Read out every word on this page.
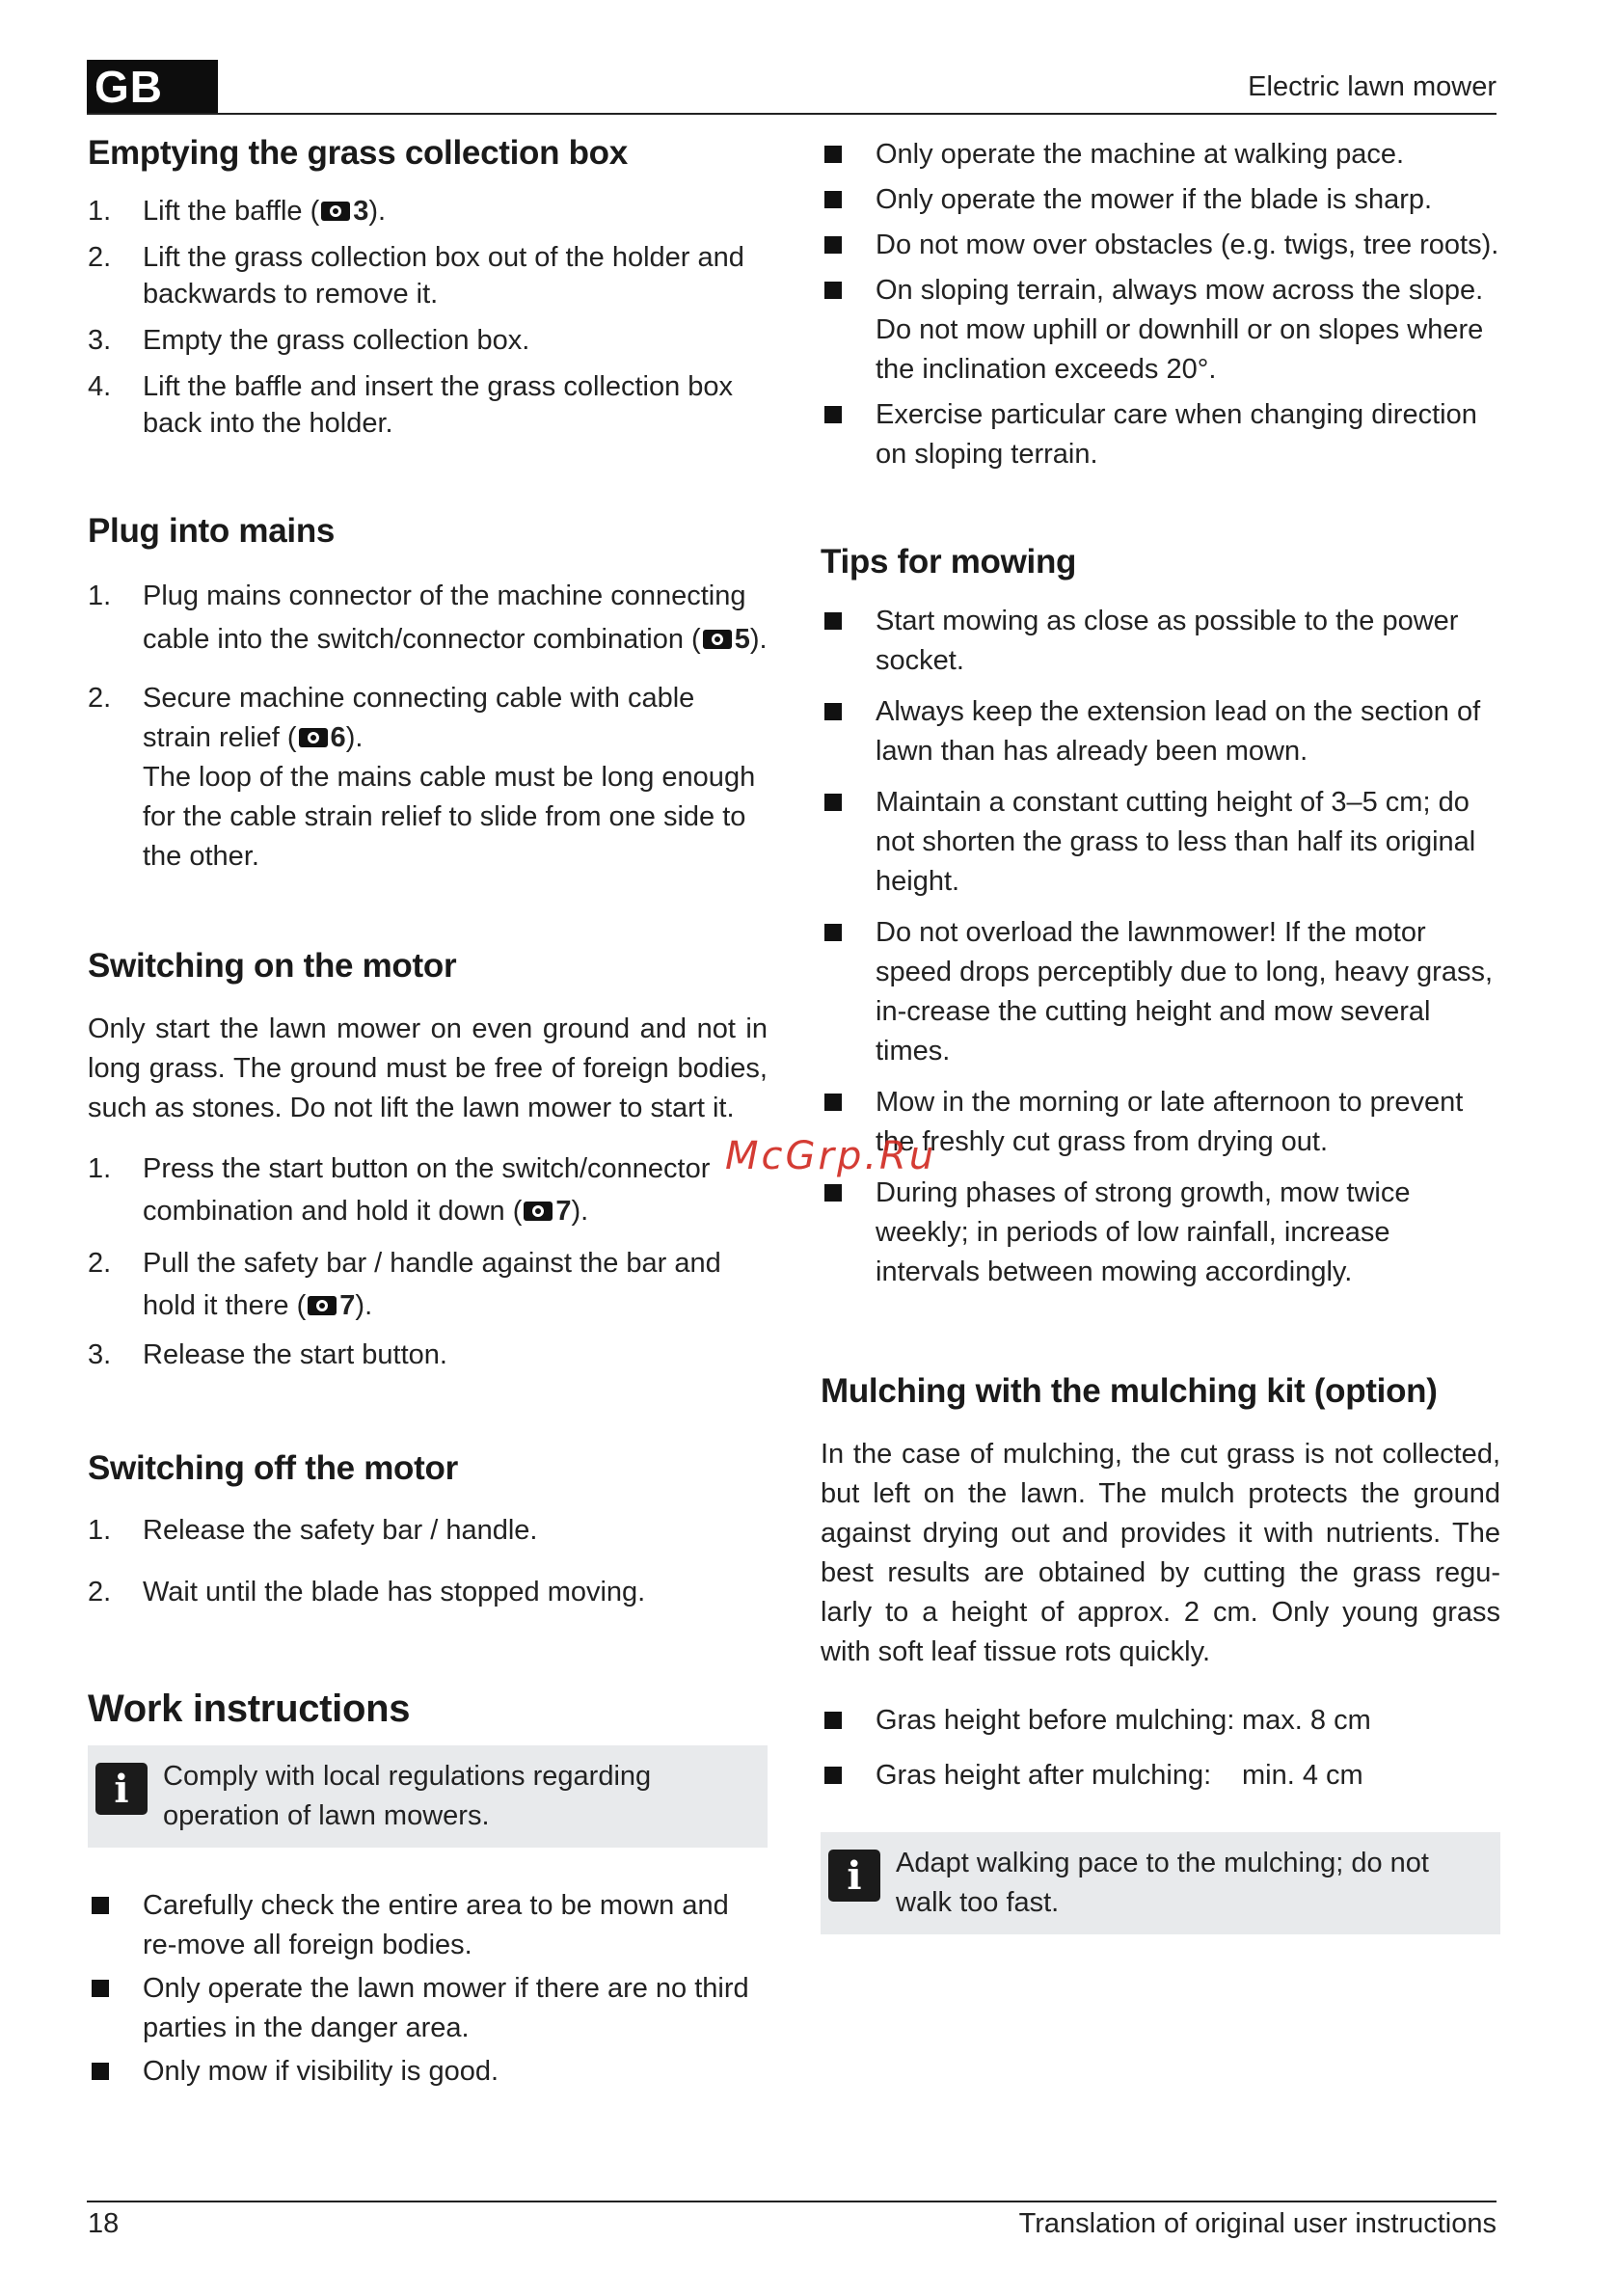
GB	Electric lawn mower
Emptying the grass collection box
1. Lift the baffle ( 3).
2. Lift the grass collection box out of the holder and backwards to remove it.
3. Empty the grass collection box.
4. Lift the baffle and insert the grass collection box back into the holder.
Plug into mains
1. Plug mains connector of the machine connecting cable into the switch/connector combination ( 5).
2. Secure machine connecting cable with cable strain relief ( 6).
The loop of the mains cable must be long enough for the cable strain relief to slide from one side to the other.
Switching on the motor
Only start the lawn mower on even ground and not in long grass. The ground must be free of foreign bodies, such as stones. Do not lift the lawn mower to start it.
1. Press the start button on the switch/connector combination and hold it down ( 7).
2. Pull the safety bar / handle against the bar and hold it there ( 7).
3. Release the start button.
Switching off the motor
1. Release the safety bar / handle.
2. Wait until the blade has stopped moving.
Work instructions
i	Comply with local regulations regarding operation of lawn mowers.
Carefully check the entire area to be mown and re-move all foreign bodies.
Only operate the lawn mower if there are no third parties in the danger area.
Only mow if visibility is good.
Only operate the machine at walking pace.
Only operate the mower if the blade is sharp.
Do not mow over obstacles (e.g. twigs, tree roots).
On sloping terrain, always mow across the slope. Do not mow uphill or downhill or on slopes where the inclination exceeds 20°.
Exercise particular care when changing direction on sloping terrain.
Tips for mowing
Start mowing as close as possible to the power socket.
Always keep the extension lead on the section of lawn than has already been mown.
Maintain a constant cutting height of 3–5 cm; do not shorten the grass to less than half its original height.
Do not overload the lawnmower! If the motor speed drops perceptibly due to long, heavy grass, in-crease the cutting height and mow several times.
Mow in the morning or late afternoon to prevent the freshly cut grass from drying out.
During phases of strong growth, mow twice weekly; in periods of low rainfall, increase intervals between mowing accordingly.
Mulching with the mulching kit (option)
In the case of mulching, the cut grass is not collected, but left on the lawn. The mulch protects the ground against drying out and provides it with nutrients. The best results are obtained by cutting the grass regu-larly to a height of approx. 2 cm. Only young grass with soft leaf tissue rots quickly.
Gras height before mulching: max. 8 cm
Gras height after mulching:	min. 4 cm
i	Adapt walking pace to the mulching; do not walk too fast.
McGrp.Ru
18	Translation of original user instructions
